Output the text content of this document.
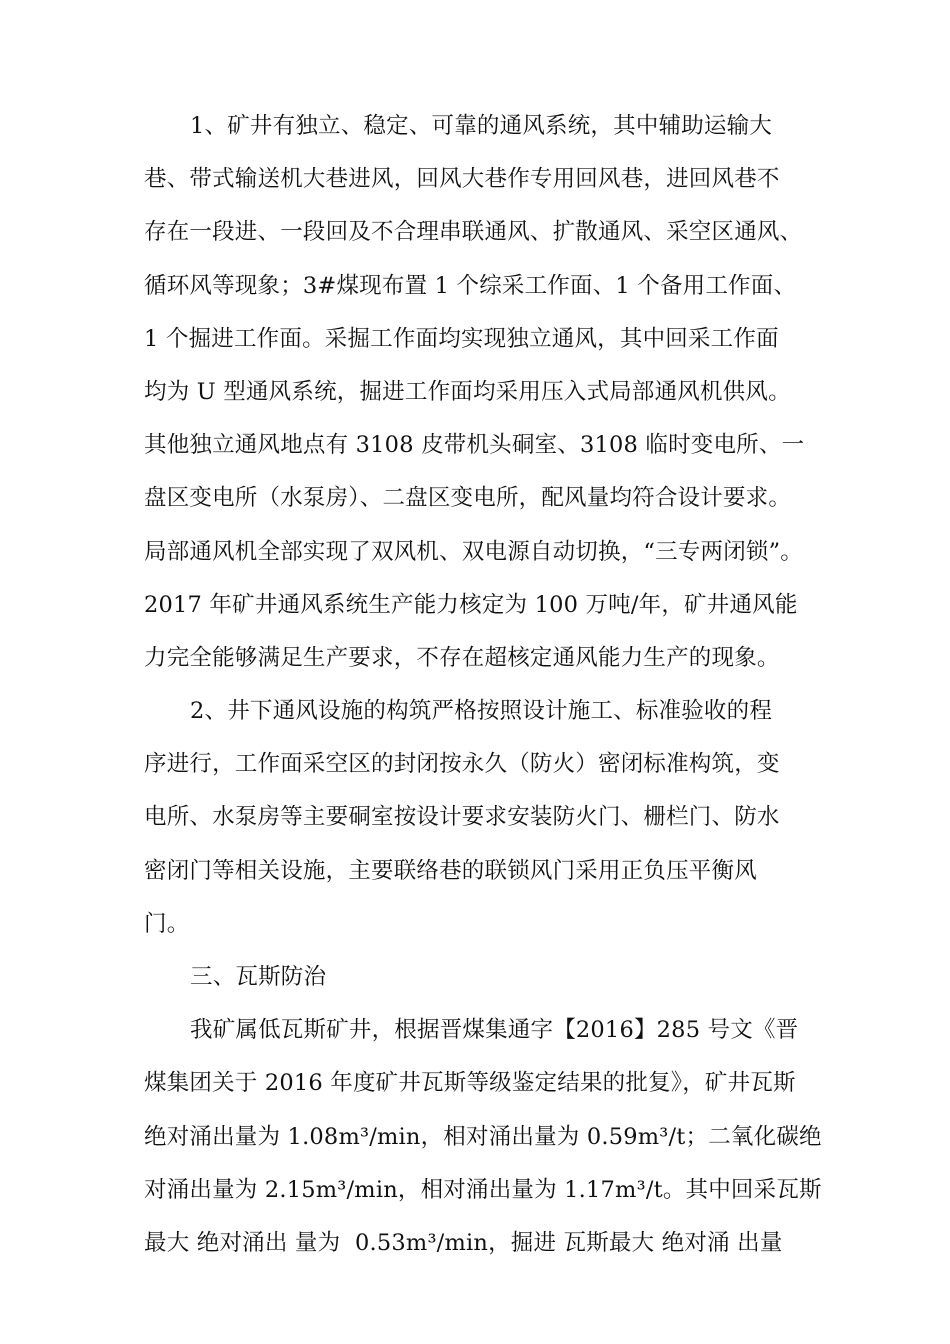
1、矿井有独立、稳定、可靠的通风系统，其中辅助运输大
巷、带式输送机大巷进风，回风大巷作专用回风巷，进回风巷不
存在一段进、一段回及不合理串联通风、扩散通风、采空区通风、
循环风等现象；3#煤现布置 1 个综采工作面、1 个备用工作面、
1 个掘进工作面。采掘工作面均实现独立通风，其中回采工作面
均为 U 型通风系统，掘进工作面均采用压入式局部通风机供风。
其他独立通风地点有 3108 皮带机头硐室、3108 临时变电所、一
盘区变电所（水泵房）、二盘区变电所，配风量均符合设计要求。
局部通风机全部实现了双风机、双电源自动切换，“三专两闭锁”。
2017 年矿井通风系统生产能力核定为 100 万吨/年，矿井通风能
力完全能够满足生产要求，不存在超核定通风能力生产的现象。
2、井下通风设施的构筑严格按照设计施工、标准验收的程
序进行，工作面采空区的封闭按永久（防火）密闭标准构筑，变
电所、水泵房等主要硐室按设计要求安装防火门、栅栏门、防水
密闭门等相关设施，主要联络巷的联锁风门采用正负压平衡风
门。
三、瓦斯防治
我矿属低瓦斯矿井，根据晋煤集通字【2016】285 号文《晋
煤集团关于 2016 年度矿井瓦斯等级鉴定结果的批复》，矿井瓦斯
绝对涌出量为 1.08m³/min，相对涌出量为 0.59m³/t；二氧化碳绝
对涌出量为 2.15m³/min，相对涌出量为 1.17m³/t。其中回采瓦斯
最大 绝对涌出 量为  0.53m³/min，掘进 瓦斯最大 绝对涌 出量
